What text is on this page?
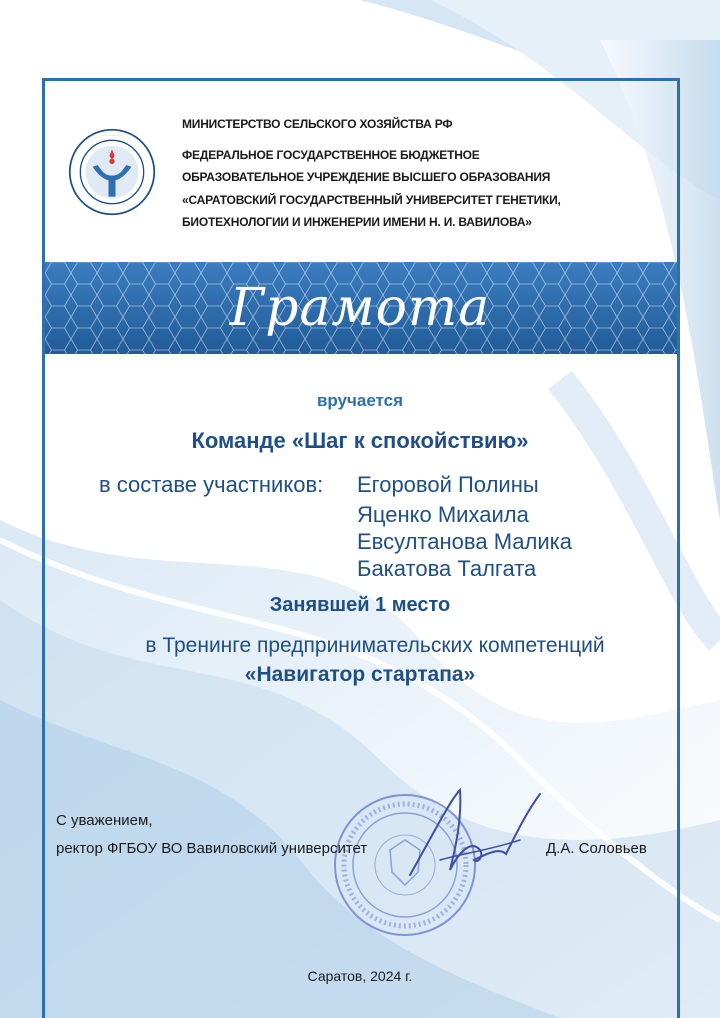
· · · · · · · ·
МИНИСТЕРСТВО СЕЛЬСКОГО ХОЗЯЙСТВА РФ
ФЕДЕРАЛЬНОЕ ГОСУДАРСТВЕННОЕ БЮДЖЕТНОЕ
ОБРАЗОВАТЕЛЬНОЕ УЧРЕЖДЕНИЕ ВЫСШЕГО ОБРАЗОВАНИЯ
«САРАТОВСКИЙ ГОСУДАРСТВЕННЫЙ УНИВЕРСИТЕТ ГЕНЕТИКИ,
БИОТЕХНОЛОГИИ И ИНЖЕНЕРИИ ИМЕНИ Н. И. ВАВИЛОВА»
Грамота
вручается
Команде «Шаг к спокойствию»
в составе участников: Егоровой Полины
Яценко Михаила
Евсултанова Малика
Бакатова Талгата
Занявшей 1 место
в Тренинге предпринимательских компетенций
«Навигатор стартапа»
С уважением,
ректор ФГБОУ ВО Вавиловский университет	Д.А. Соловьев
Саратов, 2024 г.
